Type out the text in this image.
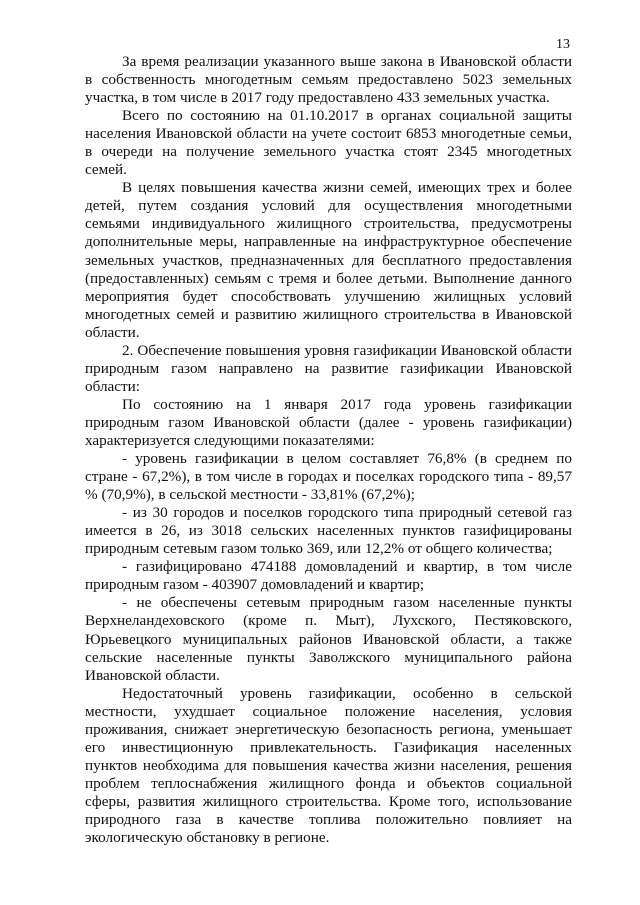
13

За время реализации указанного выше закона в Ивановской области в собственность многодетным семьям предоставлено 5023 земельных участка, в том числе в 2017 году предоставлено 433 земельных участка.

Всего по состоянию на 01.10.2017 в органах социальной защиты населения Ивановской области на учете состоит 6853 многодетные семьи, в очереди на получение земельного участка стоят 2345 многодетных семей.

В целях повышения качества жизни семей, имеющих трех и более детей, путем создания условий для осуществления многодетными семьями индивидуального жилищного строительства, предусмотрены дополнительные меры, направленные на инфраструктурное обеспечение земельных участков, предназначенных для бесплатного предоставления (предоставленных) семьям с тремя и более детьми. Выполнение данного мероприятия будет способствовать улучшению жилищных условий многодетных семей и развитию жилищного строительства в Ивановской области.

2. Обеспечение повышения уровня газификации Ивановской области природным газом направлено на развитие газификации Ивановской области:

По состоянию на 1 января 2017 года уровень газификации природным газом Ивановской области (далее - уровень газификации) характеризуется следующими показателями:

- уровень газификации в целом составляет 76,8% (в среднем по стране - 67,2%), в том числе в городах и поселках городского типа - 89,57 % (70,9%), в сельской местности - 33,81% (67,2%);

- из 30 городов и поселков городского типа природный сетевой газ имеется в 26, из 3018 сельских населенных пунктов газифицированы природным сетевым газом только 369, или 12,2% от общего количества;

- газифицировано 474188 домовладений и квартир, в том числе природным газом - 403907 домовладений и квартир;

- не обеспечены сетевым природным газом населенные пункты Верхнеландеховского (кроме п. Мыт), Лухского, Пестяковского, Юрьевецкого муниципальных районов Ивановской области, а также сельские населенные пункты Заволжского муниципального района Ивановской области.

Недостаточный уровень газификации, особенно в сельской местности, ухудшает социальное положение населения, условия проживания, снижает энергетическую безопасность региона, уменьшает его инвестиционную привлекательность. Газификация населенных пунктов необходима для повышения качества жизни населения, решения проблем теплоснабжения жилищного фонда и объектов социальной сферы, развития жилищного строительства. Кроме того, использование природного газа в качестве топлива положительно повлияет на экологическую обстановку в регионе.
